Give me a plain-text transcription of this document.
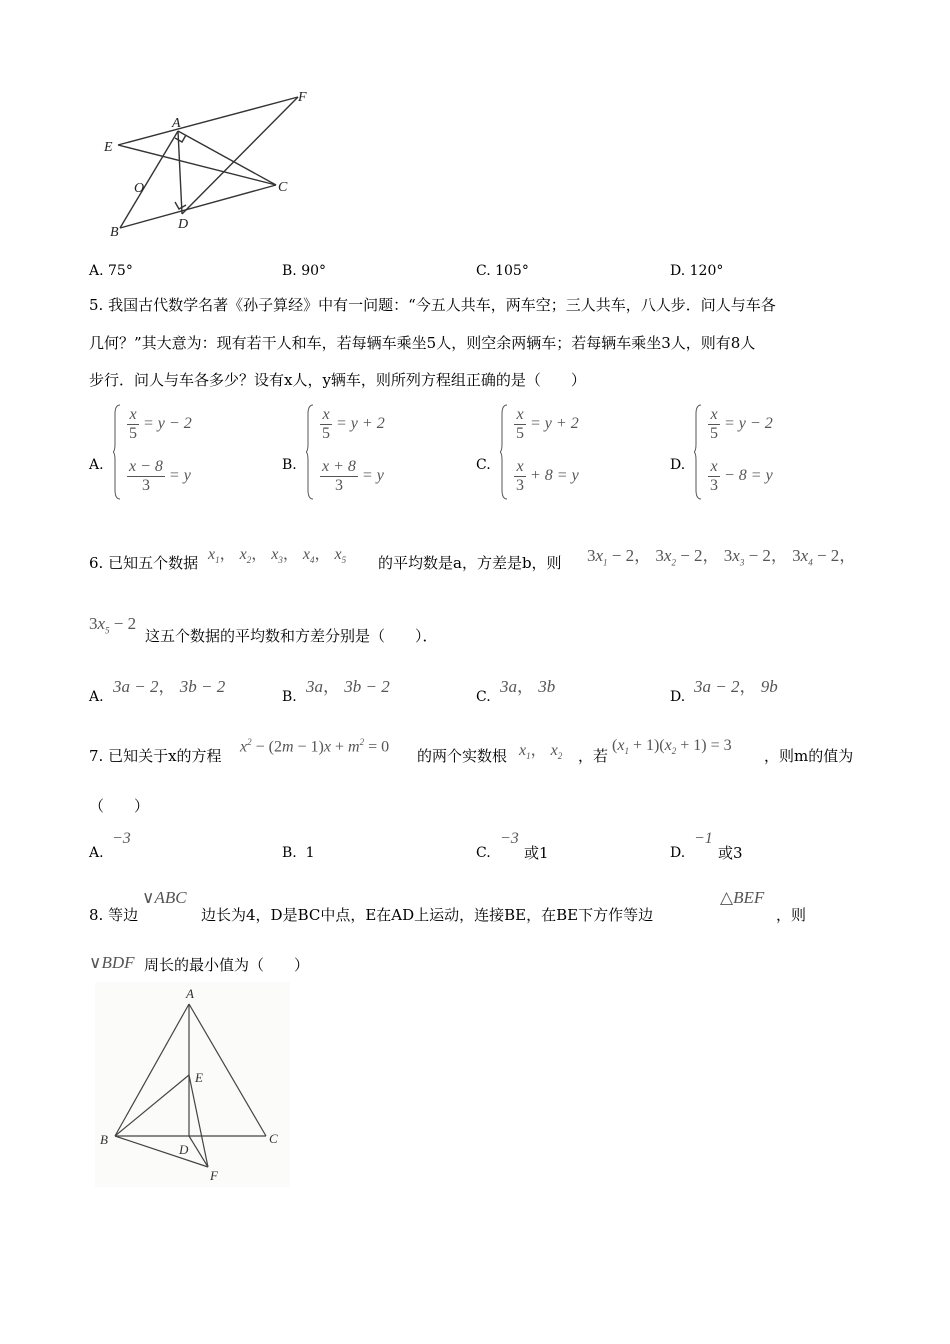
A
E
F
O	C
B
D
A. 75°	B. 90°	C. 105°	D. 120°
5. 我国古代数学名著《孙子算经》中有一问题：“今五人共车，两车空；三人共车，八人步．问人与车各
几何？”其大意为：现有若干人和车，若每辆车乘坐5人，则空余两辆车；若每辆车乘坐3人，则有8人
步行．问人与车各多少？设有x人，y辆车，则所列方程组正确的是（　　）
A.
$\frac{x}{5} = y - 2$
$\frac{x - 8}{3} = y$
B.
$\frac{x}{5} = y + 2$
$\frac{x + 8}{3} = y$
C.
$\frac{x}{5} = y + 2$
$\frac{x}{3} + 8 = y$
D.
$\frac{x}{5} = y - 2$
$\frac{x}{3} - 8 = y$
6. 已知五个数据 $x_1$， $x_2$， $x_3$， $x_4$， $x_5$ 的平均数是a，方差是b，则 $3x_1 - 2$， $3x_2 - 2$， $3x_3 - 2$， $3x_4 - 2$，
$3x_5 - 2$
这五个数据的平均数和方差分别是（　　）．
A.
3a − 2， 3b − 2
B.
3a， 3b − 2
C.
3a， 3b
D.
3a − 2， 9b
7. 已知关于x的方程
$x^2 - (2m - 1)x + m^2 = 0$
的两个实数根 $x_1$， $x_2$ ，若
$(x_1 + 1)(x_2 + 1) = 3$
，则m的值为
（　　）
A.
−3
B. 1	C.
−3
或1	D.
−1
或3
8. 等边
∨ABC
边长为4，D是BC中点，E在AD上运动，连接BE，在BE下方作等边
△BEF
，则
∨BDF 周长的最小值为（　　）
A
E
B
D
C
F
